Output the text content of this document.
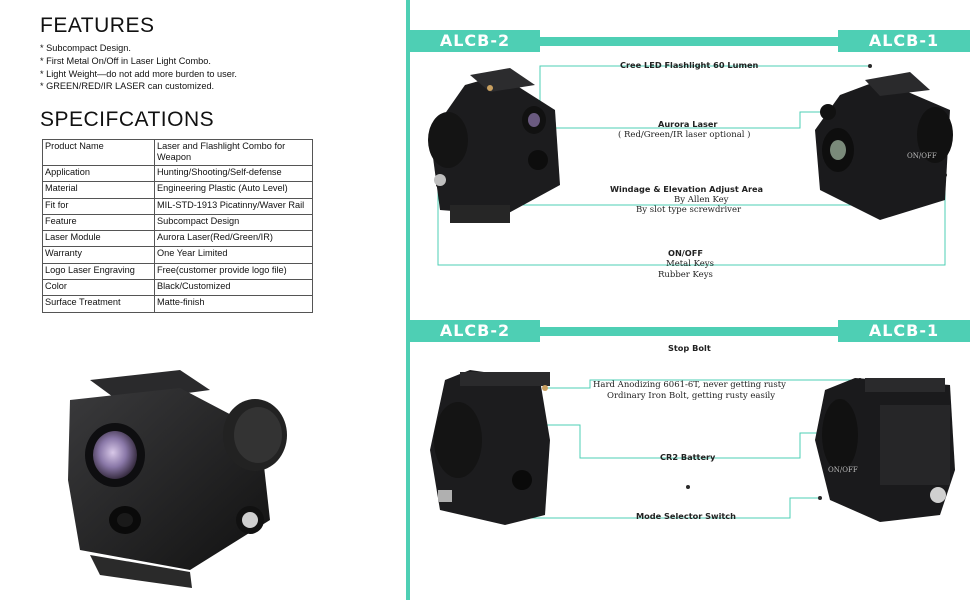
FEATURES
* Subcompact Design.
* First Metal On/Off in Laser Light Combo.
* Light Weight—do not add more burden to user.
* GREEN/RED/IR LASER can customized.
SPECIFCATIONS
Product Name	Laser and Flashlight Combo for Weapon
Application	Hunting/Shooting/Self-defense
Material	Engineering Plastic (Auto Level)
Fit for	MIL-STD-1913 Picatinny/Waver Rail
Feature	Subcompact Design
Laser Module	Aurora Laser(Red/Green/IR)
Warranty	One Year Limited
Logo Laser Engraving	Free(customer provide logo file)
Color	Black/Customized
Surface Treatment	Matte-finish
ALCB-2	ALCB-1
ON/OFF
Cree LED Flashlight 60 Lumen
Aurora Laser
( Red/Green/IR laser optional )
Windage & Elevation Adjust Area
By Allen Key
By slot type screwdriver
ON/OFF
Metal Keys
Rubber Keys
ALCB-2	ALCB-1
ON/OFF
Stop Bolt
Hard Anodizing 6061-6T, never getting rusty
Ordinary Iron Bolt, getting rusty easily
CR2 Battery
Mode Selector Switch
